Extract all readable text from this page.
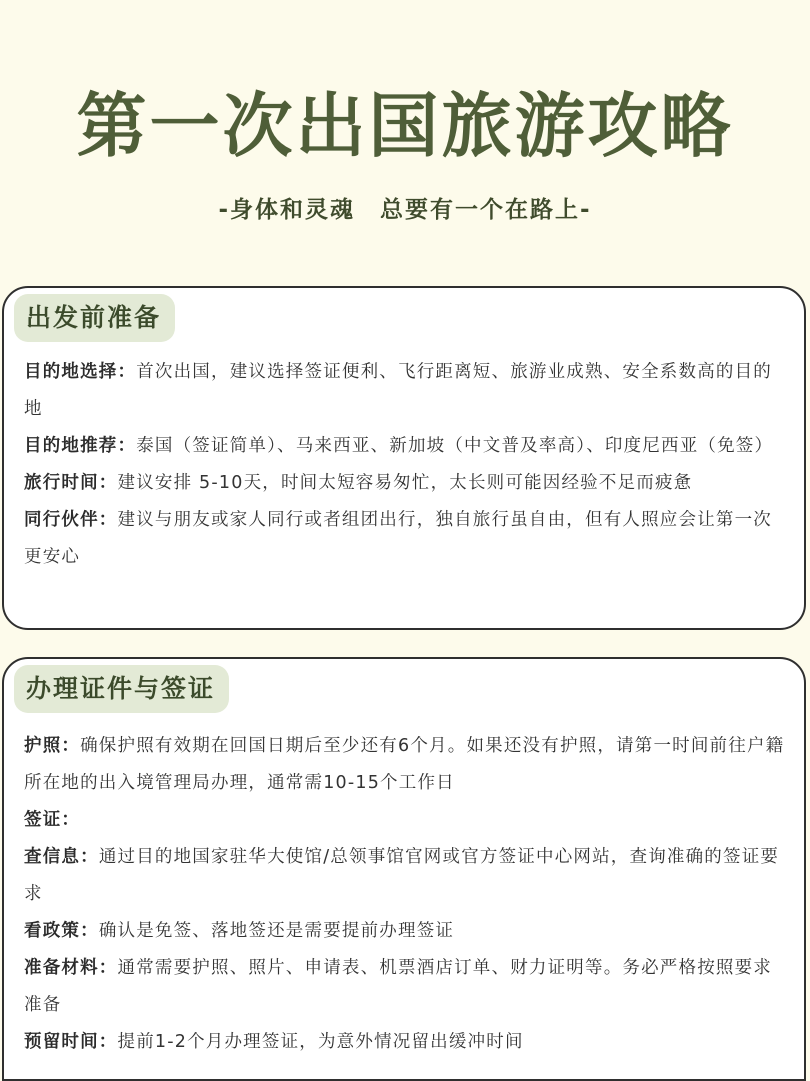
第一次出国旅游攻略
-身体和灵魂　总要有一个在路上-
出发前准备

目的地选择：首次出国，建议选择签证便利、飞行距离短、旅游业成熟、安全系数高的目的地

目的地推荐：泰国（签证简单）、马来西亚、新加坡（中文普及率高）、印度尼西亚（免签）

旅行时间：建议安排 5-10天，时间太短容易匆忙，太长则可能因经验不足而疲惫

同行伙伴：建议与朋友或家人同行或者组团出行，独自旅行虽自由，但有人照应会让第一次更安心

办理证件与签证

护照：确保护照有效期在回国日期后至少还有6个月。如果还没有护照，请第一时间前往户籍所在地的出入境管理局办理，通常需10-15个工作日

签证：

查信息：通过目的地国家驻华大使馆/总领事馆官网或官方签证中心网站，查询准确的签证要求

看政策：确认是免签、落地签还是需要提前办理签证

准备材料：通常需要护照、照片、申请表、机票酒店订单、财力证明等。务必严格按照要求准备

预留时间：提前1-2个月办理签证，为意外情况留出缓冲时间
